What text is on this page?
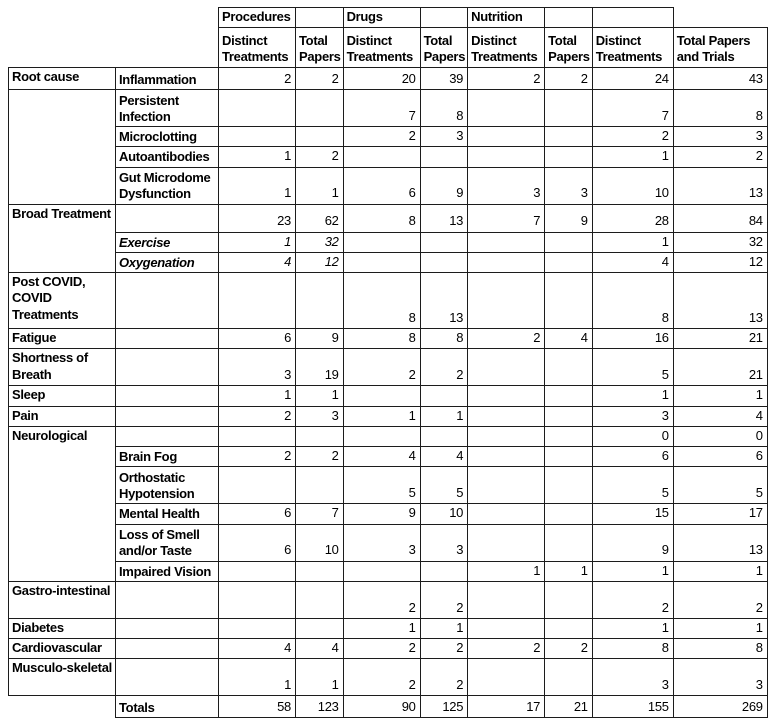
		Procedures		Drugs		Nutrition			
		Distinct Treatments	Total Papers	Distinct Treatments	Total Papers	Distinct Treatments	Total Papers	Distinct Treatments	Total Papers and Trials
Root cause	Inflammation	2	2	20	39	2	2	24	43
	Persistent Infection			7	8			7	8
	Microclotting			2	3			2	3
	Autoantibodies	1	2					1	2
	Gut Microdome Dysfunction	1	1	6	9	3	3	10	13
Broad Treatment		23	62	8	13	7	9	28	84
	Exercise	1	32					1	32
	Oxygenation	4	12					4	12
Post COVID, COVID Treatments				8	13			8	13
Fatigue		6	9	8	8	2	4	16	21
Shortness of Breath		3	19	2	2			5	21
Sleep		1	1					1	1
Pain		2	3	1	1			3	4
Neurological								0	0
	Brain Fog	2	2	4	4			6	6
	Orthostatic Hypotension			5	5			5	5
	Mental Health	6	7	9	10			15	17
	Loss of Smell and/or Taste	6	10	3	3			9	13
	Impaired Vision					1	1	1	1
Gastro-intestinal				2	2			2	2
Diabetes				1	1			1	1
Cardiovascular		4	4	2	2	2	2	8	8
Musculo-skeletal		1	1	2	2			3	3
	Totals	58	123	90	125	17	21	155	269
